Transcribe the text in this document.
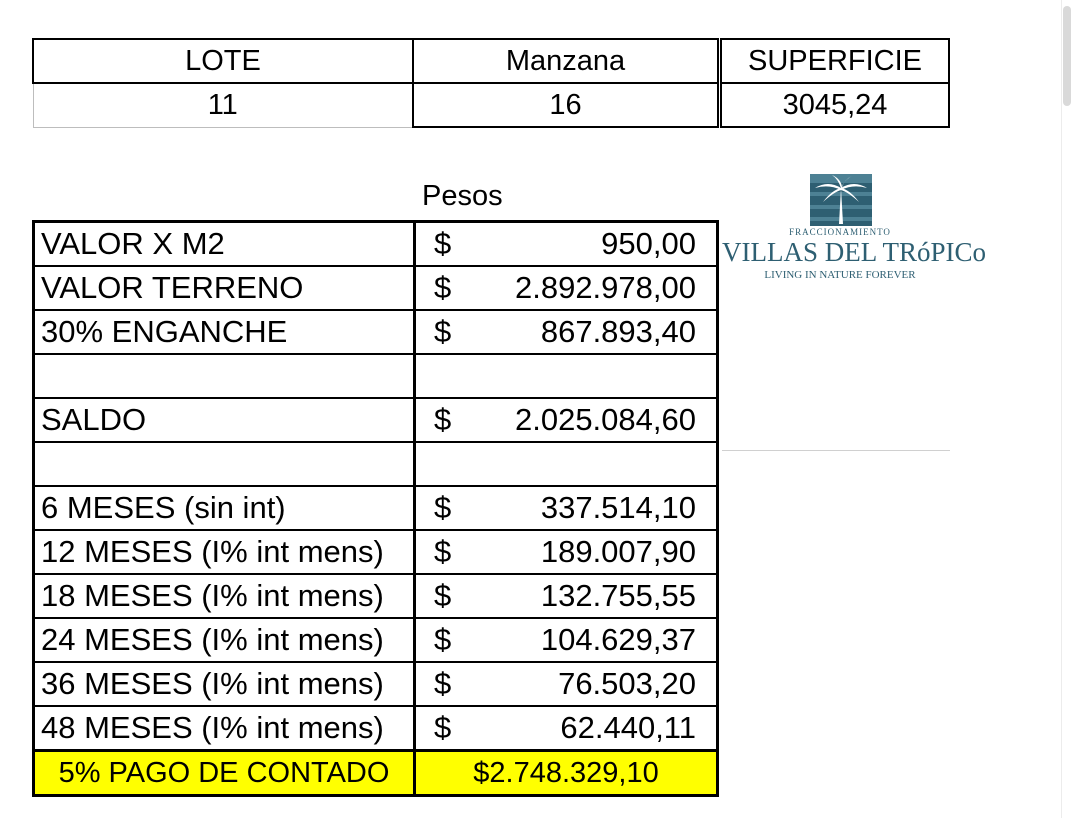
LOTE	Manzana	SUPERFICIE
11	16	3045,24
Pesos
VALOR X M2	$ 950,00

VALOR TERRENO	$ 2.892.978,00

30% ENGANCHE	$ 867.893,40

SALDO	$ 2.025.084,60

6 MESES (sin int)	$ 337.514,10

12 MESES (I% int mens)	$ 189.007,90

18 MESES (I% int mens)	$ 132.755,55

24 MESES (I% int mens)	$ 104.629,37

36 MESES (I% int mens)	$ 76.503,20

48 MESES (I% int mens)	$ 62.440,11

5% PAGO DE CONTADO	$2.748.329,10
FRACCIONAMIENTO
VILLAS DEL TRóPICo
LIVING IN NATURE FOREVER
